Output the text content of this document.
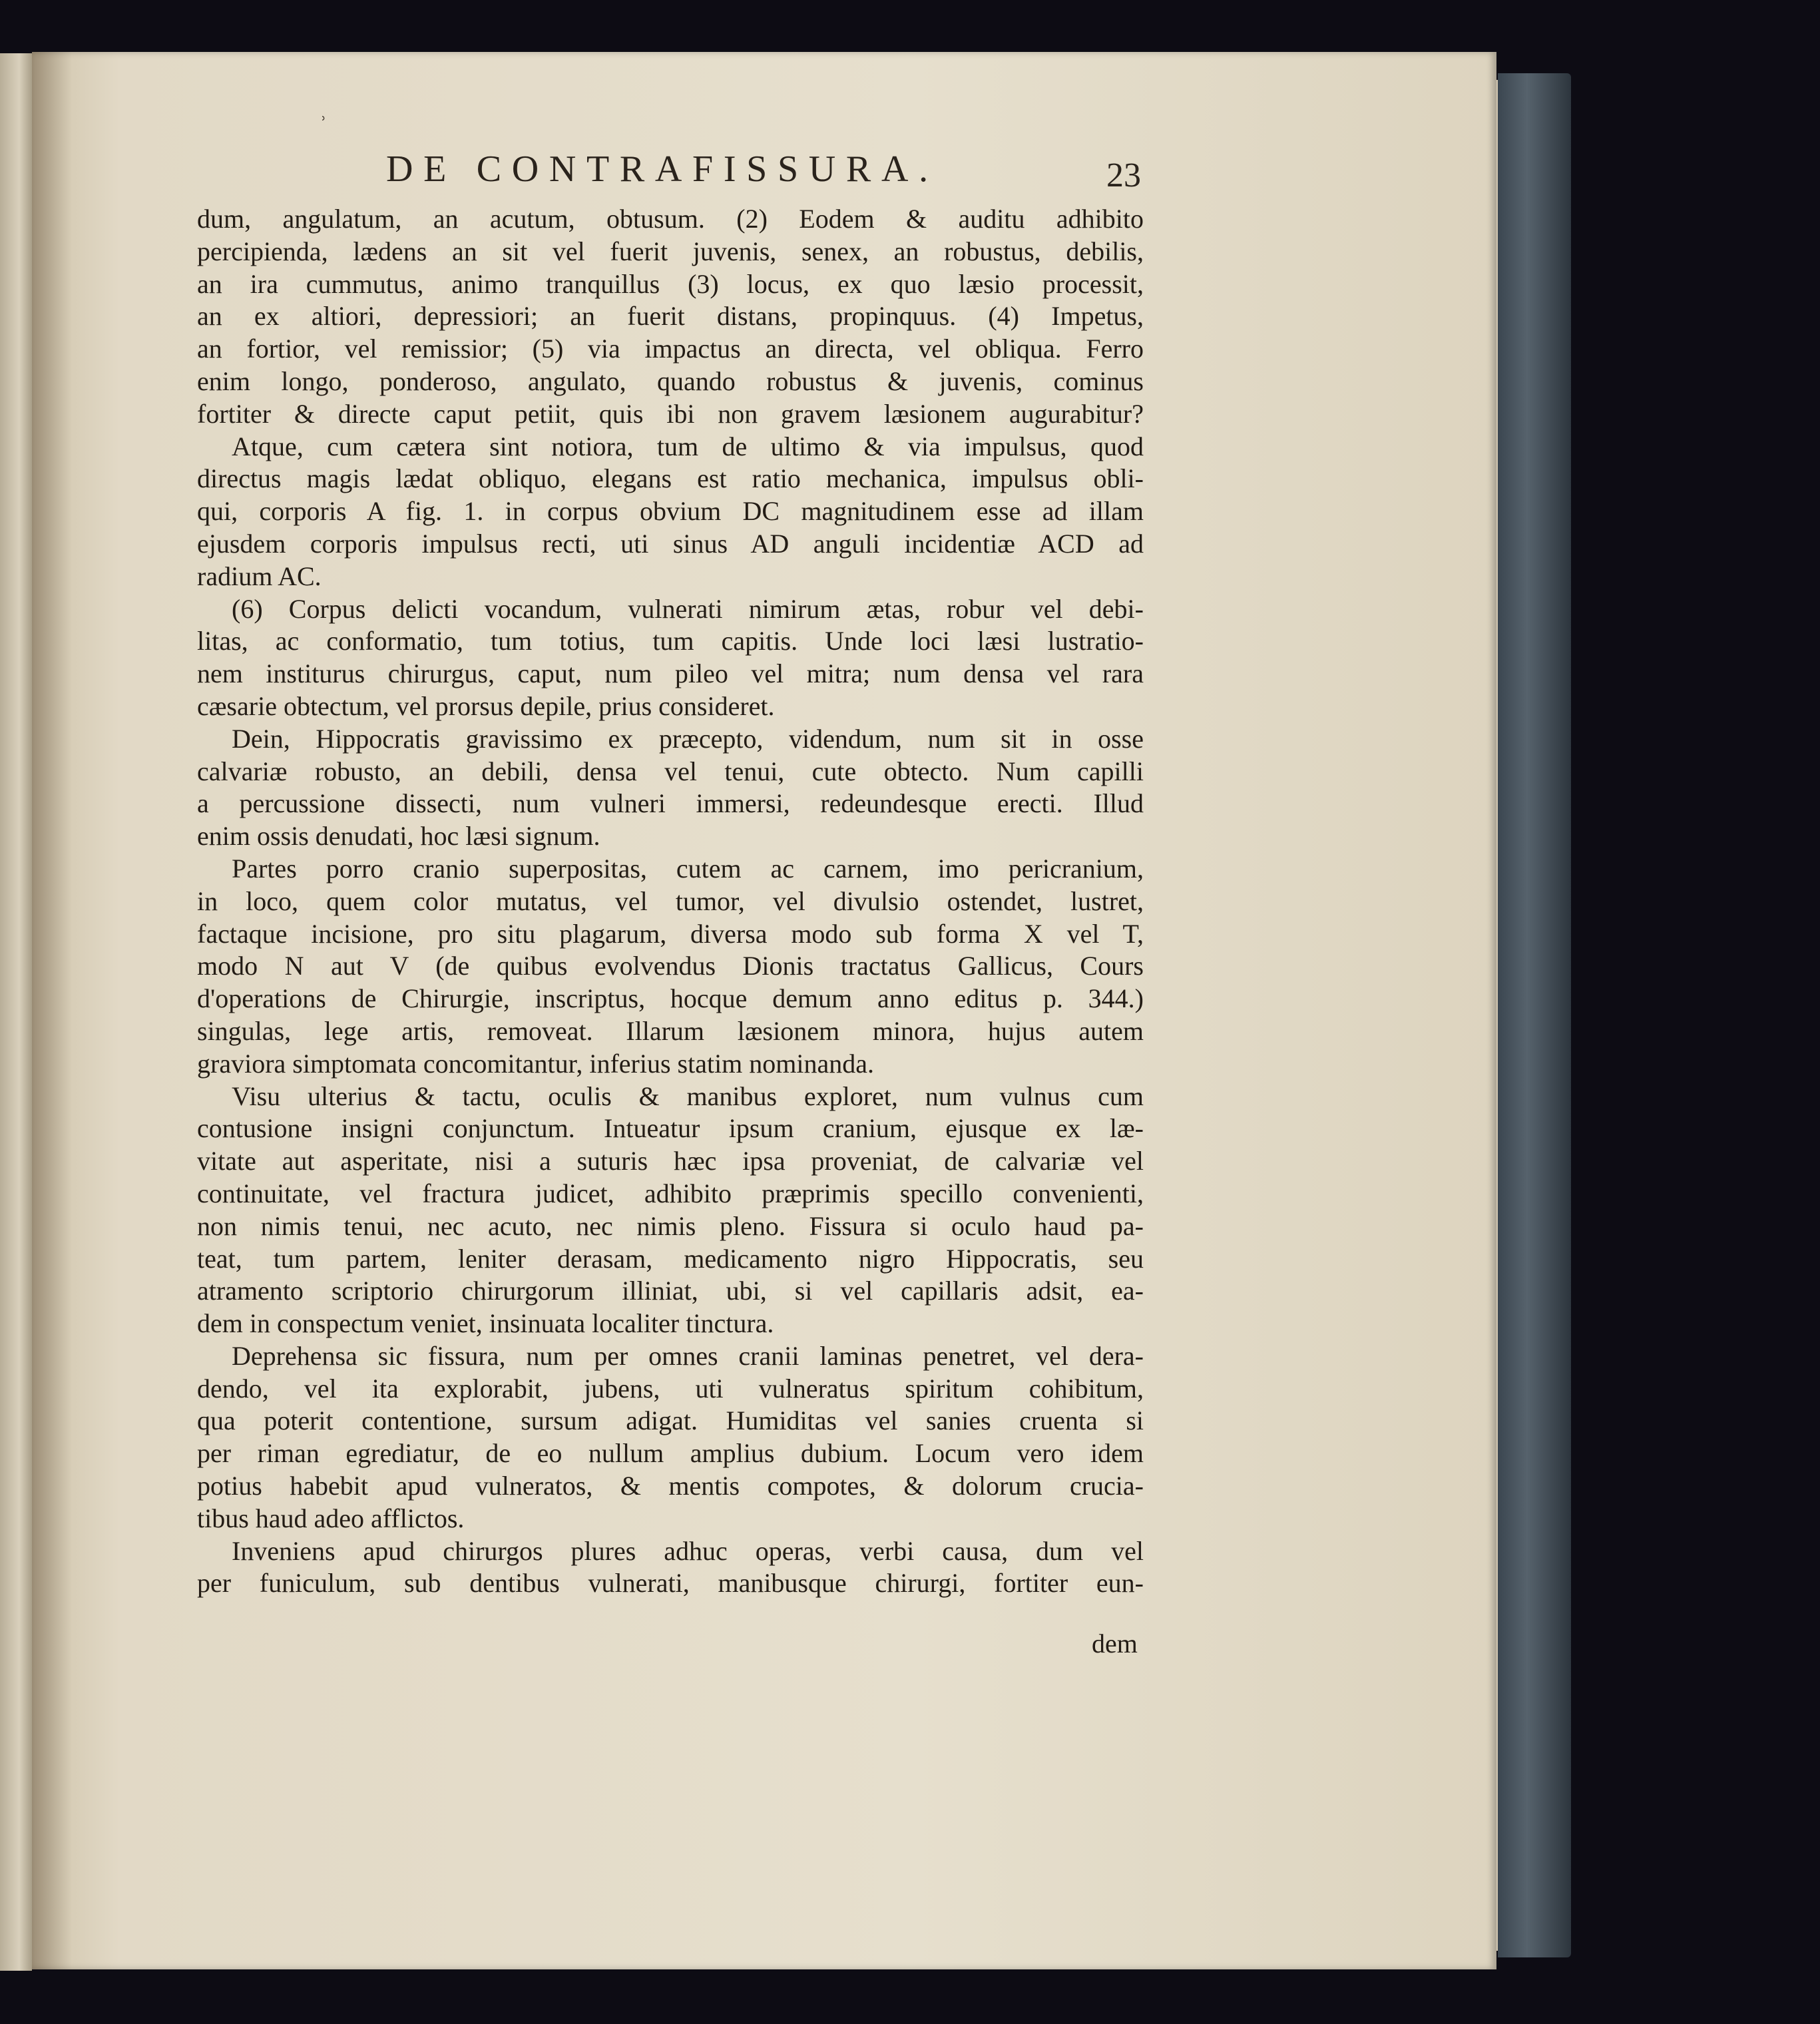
ʾ
DE CONTRAFISSURA.	23
dum, angulatum, an acutum, obtusum. (2) Eodem & auditu adhibito
percipienda, lædens an sit vel fuerit juvenis, senex, an robustus, debilis,
an ira cummutus, animo tranquillus (3) locus, ex quo læsio processit,
an ex altiori, depressiori; an fuerit distans, propinquus. (4) Impetus,
an fortior, vel remissior; (5) via impactus an directa, vel obliqua. Ferro
enim longo, ponderoso, angulato, quando robustus & juvenis, cominus
fortiter & directe caput petiit, quis ibi non gravem læsionem augurabitur?
Atque, cum cætera sint notiora, tum de ultimo & via impulsus, quod
directus magis lædat obliquo, elegans est ratio mechanica, impulsus obli-
qui, corporis A fig. 1. in corpus obvium DC magnitudinem esse ad illam
ejusdem corporis impulsus recti, uti sinus AD anguli incidentiæ ACD ad
radium AC.
(6) Corpus delicti vocandum, vulnerati nimirum ætas, robur vel debi-
litas, ac conformatio, tum totius, tum capitis. Unde loci læsi lustratio-
nem institurus chirurgus, caput, num pileo vel mitra; num densa vel rara
cæsarie obtectum, vel prorsus depile, prius consideret.
Dein, Hippocratis gravissimo ex præcepto, videndum, num sit in osse
calvariæ robusto, an debili, densa vel tenui, cute obtecto. Num capilli
a percussione dissecti, num vulneri immersi, redeundesque erecti. Illud
enim ossis denudati, hoc læsi signum.
Partes porro cranio superpositas, cutem ac carnem, imo pericranium,
in loco, quem color mutatus, vel tumor, vel divulsio ostendet, lustret,
factaque incisione, pro situ plagarum, diversa modo sub forma X vel T,
modo N aut V (de quibus evolvendus Dionis tractatus Gallicus, Cours
d'operations de Chirurgie, inscriptus, hocque demum anno editus p. 344.)
singulas, lege artis, removeat. Illarum læsionem minora, hujus autem
graviora simptomata concomitantur, inferius statim nominanda.
Visu ulterius & tactu, oculis & manibus exploret, num vulnus cum
contusione insigni conjunctum. Intueatur ipsum cranium, ejusque ex læ-
vitate aut asperitate, nisi a suturis hæc ipsa proveniat, de calvariæ vel
continuitate, vel fractura judicet, adhibito præprimis specillo convenienti,
non nimis tenui, nec acuto, nec nimis pleno. Fissura si oculo haud pa-
teat, tum partem, leniter derasam, medicamento nigro Hippocratis, seu
atramento scriptorio chirurgorum illiniat, ubi, si vel capillaris adsit, ea-
dem in conspectum veniet, insinuata localiter tinctura.
Deprehensa sic fissura, num per omnes cranii laminas penetret, vel dera-
dendo, vel ita explorabit, jubens, uti vulneratus spiritum cohibitum,
qua poterit contentione, sursum adigat. Humiditas vel sanies cruenta si
per riman egrediatur, de eo nullum amplius dubium. Locum vero idem
potius habebit apud vulneratos, & mentis compotes, & dolorum crucia-
tibus haud adeo afflictos.
Inveniens apud chirurgos plures adhuc operas, verbi causa, dum vel
per funiculum, sub dentibus vulnerati, manibusque chirurgi, fortiter eun-
dem
